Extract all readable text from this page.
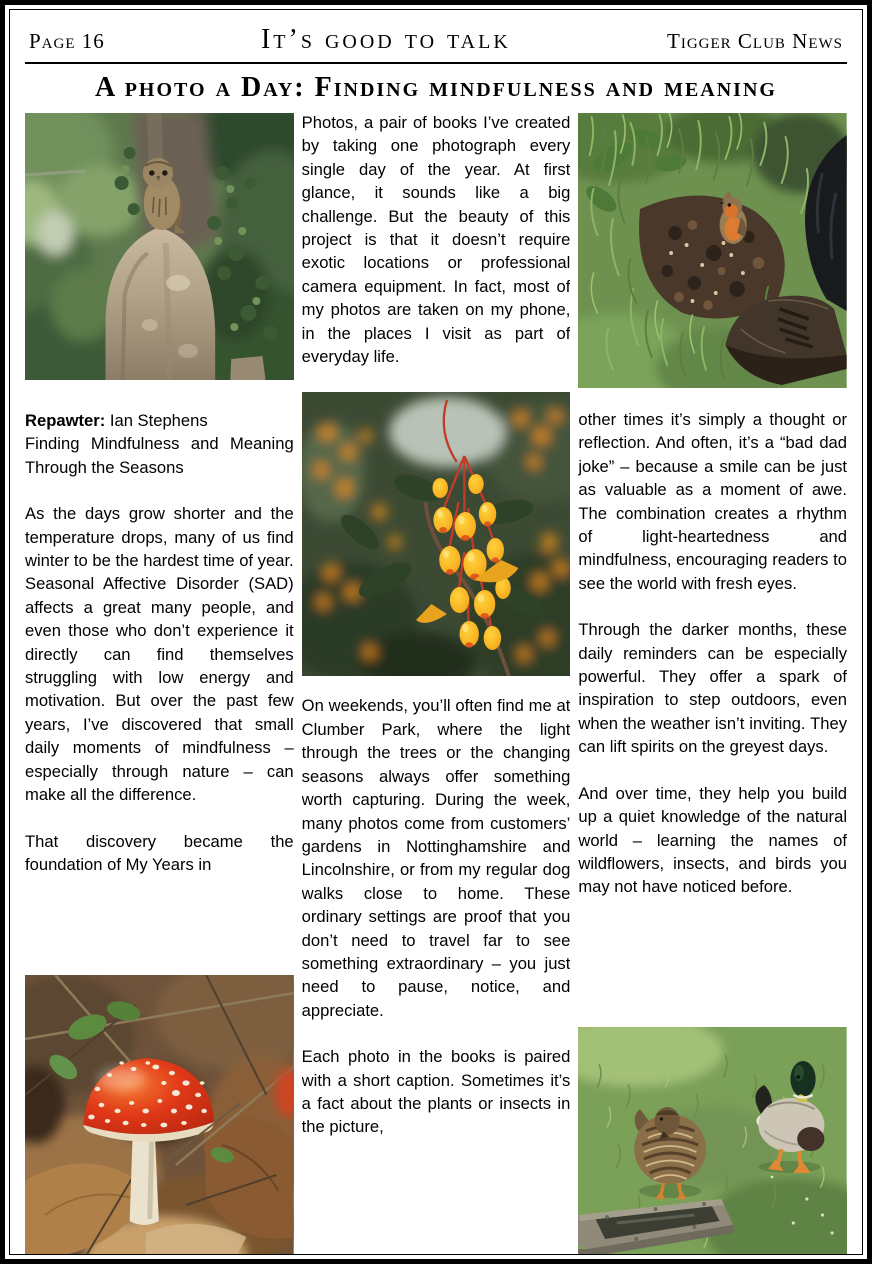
Page 16	It’s good to talk	Tigger Club News
A photo a Day: Finding mindfulness and meaning

Repawter: Ian Stephens

Finding Mindfulness and Meaning Through the Seasons

As the days grow shorter and the temperature drops, many of us find winter to be the hardest time of year. Seasonal Affective Disorder (SAD) affects a great many people, and even those who don’t experience it directly can find themselves struggling with low energy and motivation. But over the past few years, I’ve discovered that small daily moments of mindfulness – especially through nature – can make all the difference.

That discovery became the foundation of My Years in

Photos, a pair of books I’ve created by taking one photograph every single day of the year. At first glance, it sounds like a big challenge. But the beauty of this project is that it doesn’t require exotic locations or professional camera equipment. In fact, most of my photos are taken on my phone, in the places I visit as part of everyday life.

On weekends, you’ll often find me at Clumber Park, where the light through the trees or the changing seasons always offer something worth capturing. During the week, many photos come from customers’ gardens in Nottinghamshire and Lincolnshire, or from my regular dog walks close to home. These ordinary settings are proof that you don’t need to travel far to see something extraordinary – you just need to pause, notice, and appreciate.

Each photo in the books is paired with a short caption. Sometimes it’s a fact about the plants or insects in the picture,

other times it’s simply a thought or reflection. And often, it’s a “bad dad joke” – because a smile can be just as valuable as a moment of awe. The combination creates a rhythm of light-heartedness and mindfulness, encouraging readers to see the world with fresh eyes.

Through the darker months, these daily reminders can be especially powerful. They offer a spark of inspiration to step outdoors, even when the weather isn’t inviting. They can lift spirits on the greyest days.

And over time, they help you build up a quiet knowledge of the natural world – learning the names of wildflowers, insects, and birds you may not have noticed before.
